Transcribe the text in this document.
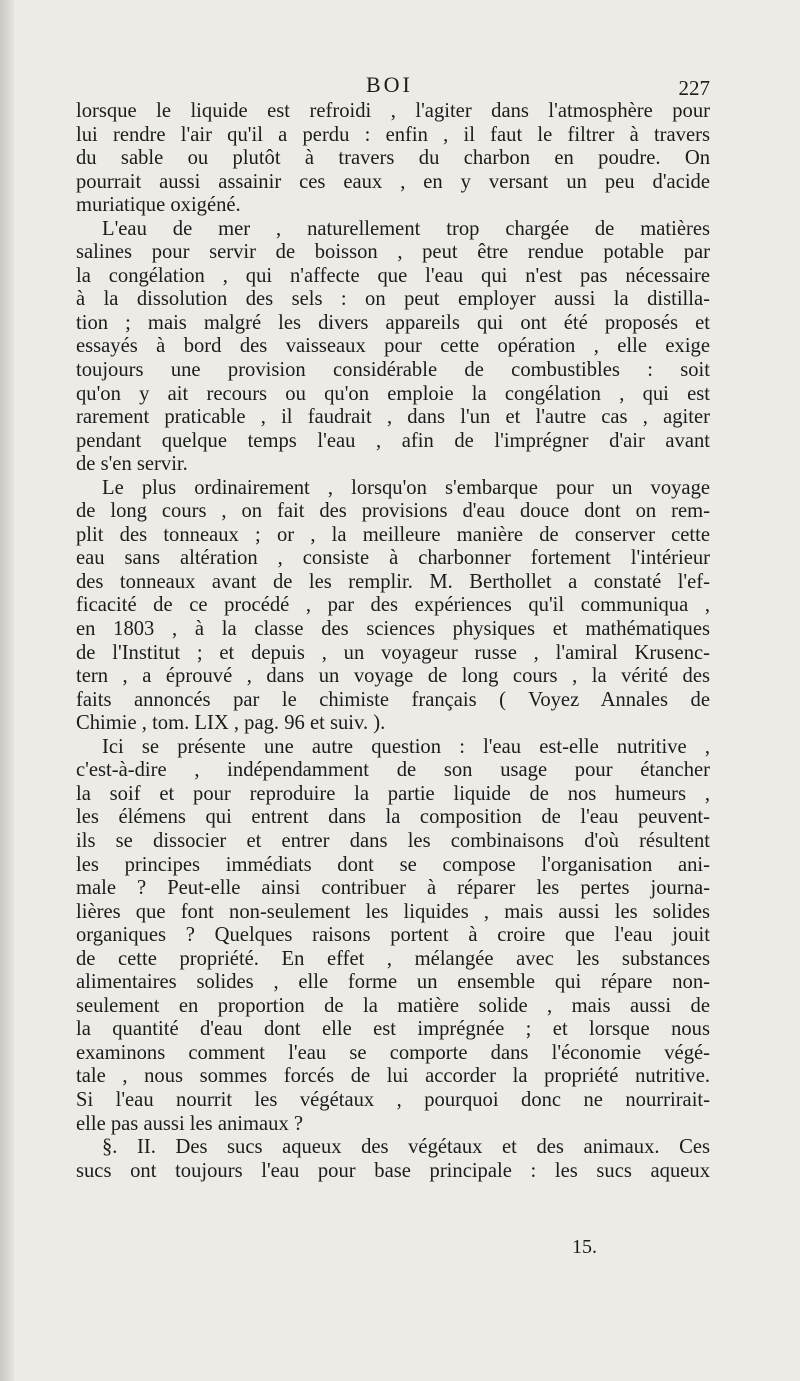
BOI	227
lorsque le liquide est refroidi , l'agiter dans l'atmosphère pour
lui rendre l'air qu'il a perdu : enfin , il faut le filtrer à travers
du sable ou plutôt à travers du charbon en poudre. On
pourrait aussi assainir ces eaux , en y versant un peu d'acide
muriatique oxigéné.
L'eau de mer , naturellement trop chargée de matières
salines pour servir de boisson , peut être rendue potable par
la congélation , qui n'affecte que l'eau qui n'est pas nécessaire
à la dissolution des sels : on peut employer aussi la distilla-
tion ; mais malgré les divers appareils qui ont été proposés et
essayés à bord des vaisseaux pour cette opération , elle exige
toujours une provision considérable de combustibles : soit
qu'on y ait recours ou qu'on emploie la congélation , qui est
rarement praticable , il faudrait , dans l'un et l'autre cas , agiter
pendant quelque temps l'eau , afin de l'imprégner d'air avant
de s'en servir.
Le plus ordinairement , lorsqu'on s'embarque pour un voyage
de long cours , on fait des provisions d'eau douce dont on rem-
plit des tonneaux ; or , la meilleure manière de conserver cette
eau sans altération , consiste à charbonner fortement l'intérieur
des tonneaux avant de les remplir. M. Berthollet a constaté l'ef-
ficacité de ce procédé , par des expériences qu'il communiqua ,
en 1803 , à la classe des sciences physiques et mathématiques
de l'Institut ; et depuis , un voyageur russe , l'amiral Krusenc-
tern , a éprouvé , dans un voyage de long cours , la vérité des
faits annoncés par le chimiste français ( Voyez Annales de
Chimie , tom. LIX , pag. 96 et suiv. ).
Ici se présente une autre question : l'eau est-elle nutritive ,
c'est-à-dire , indépendamment de son usage pour étancher
la soif et pour reproduire la partie liquide de nos humeurs ,
les élémens qui entrent dans la composition de l'eau peuvent-
ils se dissocier et entrer dans les combinaisons d'où résultent
les principes immédiats dont se compose l'organisation ani-
male ? Peut-elle ainsi contribuer à réparer les pertes journa-
lières que font non-seulement les liquides , mais aussi les solides
organiques ? Quelques raisons portent à croire que l'eau jouit
de cette propriété. En effet , mélangée avec les substances
alimentaires solides , elle forme un ensemble qui répare non-
seulement en proportion de la matière solide , mais aussi de
la quantité d'eau dont elle est imprégnée ; et lorsque nous
examinons comment l'eau se comporte dans l'économie végé-
tale , nous sommes forcés de lui accorder la propriété nutritive.
Si l'eau nourrit les végétaux , pourquoi donc ne nourrirait-
elle pas aussi les animaux ?
§. II. Des sucs aqueux des végétaux et des animaux. Ces
sucs ont toujours l'eau pour base principale : les sucs aqueux
15.
